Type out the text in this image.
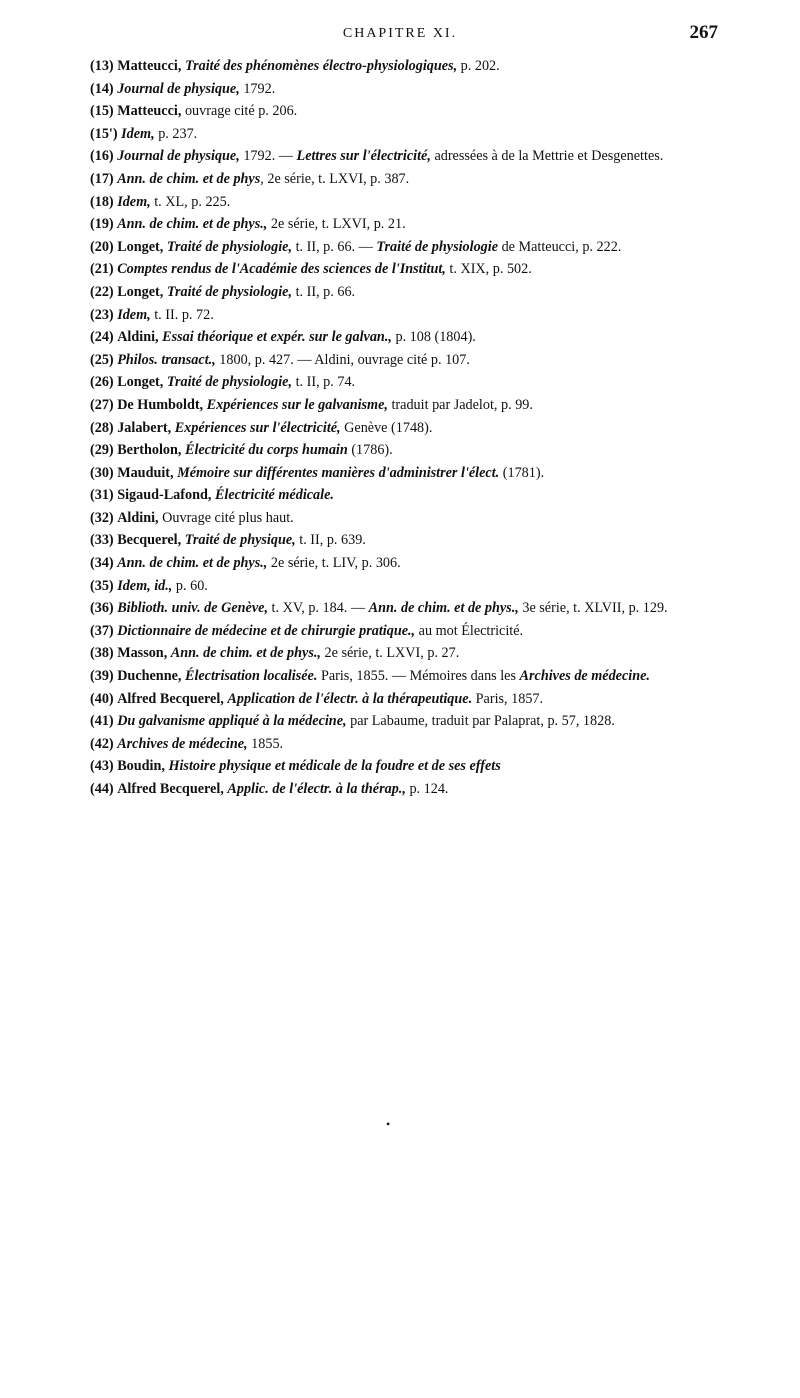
CHAPITRE XI.	267

(13) Matteucci, Traité des phénomènes électro-physiologiques, p. 202.

(14) Journal de physique, 1792.

(15) Matteucci, ouvrage cité p. 206.

(15') Idem, p. 237.

(16) Journal de physique, 1792. — Lettres sur l'électricité, adressées à de la Mettrie et Desgenettes.

(17) Ann. de chim. et de phys, 2e série, t. LXVI, p. 387.

(18) Idem, t. XL, p. 225.

(19) Ann. de chim. et de phys., 2e série, t. LXVI, p. 21.

(20) Longet, Traité de physiologie, t. II, p. 66. — Traité de physiologie de Matteucci, p. 222.

(21) Comptes rendus de l'Académie des sciences de l'Institut, t. XIX, p. 502.

(22) Longet, Traité de physiologie, t. II, p. 66.

(23) Idem, t. II. p. 72.

(24) Aldini, Essai théorique et expér. sur le galvan., p. 108 (1804).

(25) Philos. transact., 1800, p. 427. — Aldini, ouvrage cité p. 107.

(26) Longet, Traité de physiologie, t. II, p. 74.

(27) De Humboldt, Expériences sur le galvanisme, traduit par Jadelot, p. 99.

(28) Jalabert, Expériences sur l'électricité, Genève (1748).

(29) Bertholon, Électricité du corps humain (1786).

(30) Mauduit, Mémoire sur différentes manières d'administrer l'élect. (1781).

(31) Sigaud-Lafond, Électricité médicale.

(32) Aldini, Ouvrage cité plus haut.

(33) Becquerel, Traité de physique, t. II, p. 639.

(34) Ann. de chim. et de phys., 2e série, t. LIV, p. 306.

(35) Idem, id., p. 60.

(36) Biblioth. univ. de Genève, t. XV, p. 184. — Ann. de chim. et de phys., 3e série, t. XLVII, p. 129.

(37) Dictionnaire de médecine et de chirurgie pratique., au mot Électricité.

(38) Masson, Ann. de chim. et de phys., 2e série, t. LXVI, p. 27.

(39) Duchenne, Électrisation localisée. Paris, 1855. — Mémoires dans les Archives de médecine.

(40) Alfred Becquerel, Application de l'électr. à la thérapeutique. Paris, 1857.

(41) Du galvanisme appliqué à la médecine, par Labaume, traduit par Palaprat, p. 57, 1828.

(42) Archives de médecine, 1855.

(43) Boudin, Histoire physique et médicale de la foudre et de ses effets

(44) Alfred Becquerel, Applic. de l'électr. à la thérap., p. 124.

•
